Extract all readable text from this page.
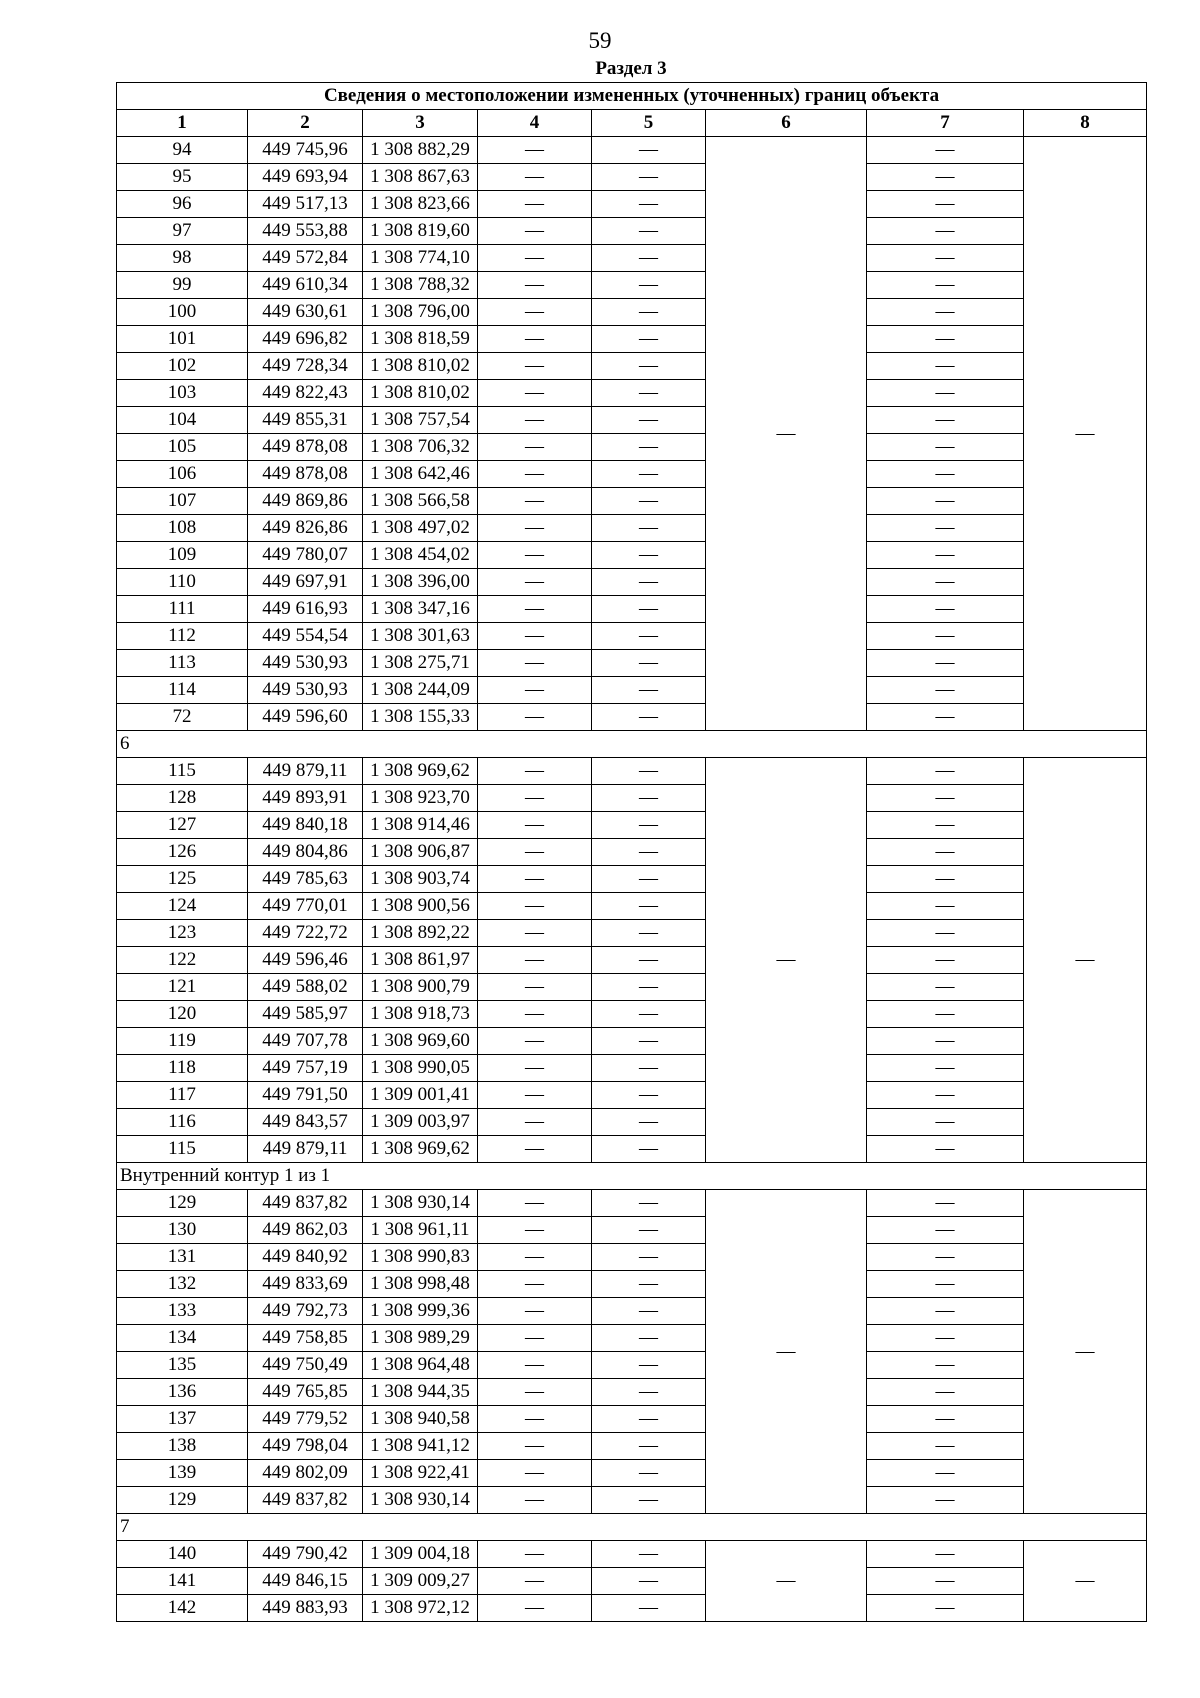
59
Раздел 3
Сведения о местоположении измененных (уточненных) границ объекта							
1	2	3	4	5	6	7	8
94	449 745,96	1 308 882,29	—	—	—	—	—
95	449 693,94	1 308 867,63	—	—		—	
96	449 517,13	1 308 823,66	—	—		—	
97	449 553,88	1 308 819,60	—	—		—	
98	449 572,84	1 308 774,10	—	—		—	
99	449 610,34	1 308 788,32	—	—		—	
100	449 630,61	1 308 796,00	—	—		—	
101	449 696,82	1 308 818,59	—	—		—	
102	449 728,34	1 308 810,02	—	—		—	
103	449 822,43	1 308 810,02	—	—		—	
104	449 855,31	1 308 757,54	—	—		—	
105	449 878,08	1 308 706,32	—	—		—	
106	449 878,08	1 308 642,46	—	—		—	
107	449 869,86	1 308 566,58	—	—		—	
108	449 826,86	1 308 497,02	—	—		—	
109	449 780,07	1 308 454,02	—	—		—	
110	449 697,91	1 308 396,00	—	—		—	
111	449 616,93	1 308 347,16	—	—		—	
112	449 554,54	1 308 301,63	—	—		—	
113	449 530,93	1 308 275,71	—	—		—	
114	449 530,93	1 308 244,09	—	—		—	
72	449 596,60	1 308 155,33	—	—		—	
6							
115	449 879,11	1 308 969,62	—	—	—	—	—
128	449 893,91	1 308 923,70	—	—		—	
127	449 840,18	1 308 914,46	—	—		—	
126	449 804,86	1 308 906,87	—	—		—	
125	449 785,63	1 308 903,74	—	—		—	
124	449 770,01	1 308 900,56	—	—		—	
123	449 722,72	1 308 892,22	—	—		—	
122	449 596,46	1 308 861,97	—	—		—	
121	449 588,02	1 308 900,79	—	—		—	
120	449 585,97	1 308 918,73	—	—		—	
119	449 707,78	1 308 969,60	—	—		—	
118	449 757,19	1 308 990,05	—	—		—	
117	449 791,50	1 309 001,41	—	—		—	
116	449 843,57	1 309 003,97	—	—		—	
115	449 879,11	1 308 969,62	—	—		—	
Внутренний контур 1 из 1							
129	449 837,82	1 308 930,14	—	—	—	—	—
130	449 862,03	1 308 961,11	—	—		—	
131	449 840,92	1 308 990,83	—	—		—	
132	449 833,69	1 308 998,48	—	—		—	
133	449 792,73	1 308 999,36	—	—		—	
134	449 758,85	1 308 989,29	—	—		—	
135	449 750,49	1 308 964,48	—	—		—	
136	449 765,85	1 308 944,35	—	—		—	
137	449 779,52	1 308 940,58	—	—		—	
138	449 798,04	1 308 941,12	—	—		—	
139	449 802,09	1 308 922,41	—	—		—	
129	449 837,82	1 308 930,14	—	—		—	
7							
140	449 790,42	1 309 004,18	—	—	—	—	—
141	449 846,15	1 309 009,27	—	—		—	
142	449 883,93	1 308 972,12	—	—		—	
